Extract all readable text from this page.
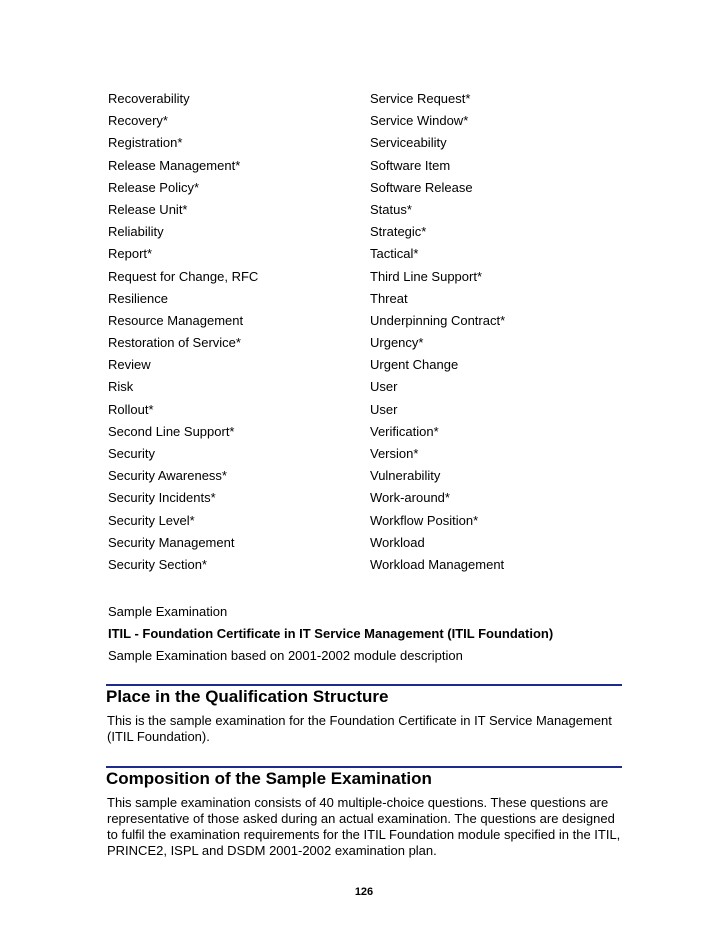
Recoverability	Service Request*
Recovery*	Service Window*
Registration*	Serviceability
Release Management*	Software Item
Release Policy*	Software Release
Release Unit*	Status*
Reliability	Strategic*
Report*	Tactical*
Request for Change, RFC	Third Line Support*
Resilience	Threat
Resource Management	Underpinning Contract*
Restoration of Service*	Urgency*
Review	Urgent Change
Risk	User
Rollout*	User
Second Line Support*	Verification*
Security	Version*
Security Awareness*	Vulnerability
Security Incidents*	Work-around*
Security Level*	Workflow Position*
Security Management	Workload
Security Section*	Workload Management
Sample Examination
ITIL - Foundation Certificate in IT Service Management (ITIL Foundation)
Sample Examination based on 2001-2002 module description
Place in the Qualification Structure
This is the sample examination for the Foundation Certificate in IT Service Management (ITIL Foundation).
Composition of the Sample Examination
This sample examination consists of 40 multiple-choice questions. These questions are representative of those asked during an actual examination. The questions are designed to fulfil the examination requirements for the ITIL Foundation module specified in the ITIL, PRINCE2, ISPL and DSDM 2001-2002 examination plan.
126
